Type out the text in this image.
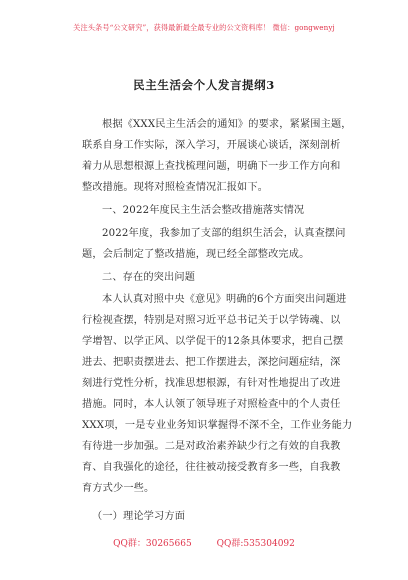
关注头条号“公文研究”，获得最新最全最专业的公文资料库！ 微信：gongwenyj
民主生活会个人发言提纲3
根据《XXX民主生活会的通知》的要求，紧紧围主题，
联系自身工作实际，深入学习，开展谈心谈话，深刻剖析
着力从思想根源上查找梳理问题，明确下一步工作方向和
整改措施。现将对照检查情况汇报如下。
一、2022年度民主生活会整改措施落实情况
2022年度，我参加了支部的组织生活会，认真查摆问
题，会后制定了整改措施，现已经全部整改完成。
二、存在的突出问题
本人认真对照中央《意见》明确的6个方面突出问题进
行检视查摆，特别是对照习近平总书记关于以学铸魂、以
学增智、以学正风、以学促干的12条具体要求，把自己摆
进去、把职责摆进去、把工作摆进去，深挖问题症结，深
刻进行党性分析，找准思想根源，有针对性地提出了改进
措施。同时，本人认领了领导班子对照检查中的个人责任
XXX项，一是专业业务知识掌握得不深不全，工作业务能力
有待进一步加强。二是对政治素养缺少行之有效的自我教
育、自我强化的途径，往往被动接受教育多一些，自我教
育方式少一些。
（一）理论学习方面
QQ群：30265665	QQ群:535304092
